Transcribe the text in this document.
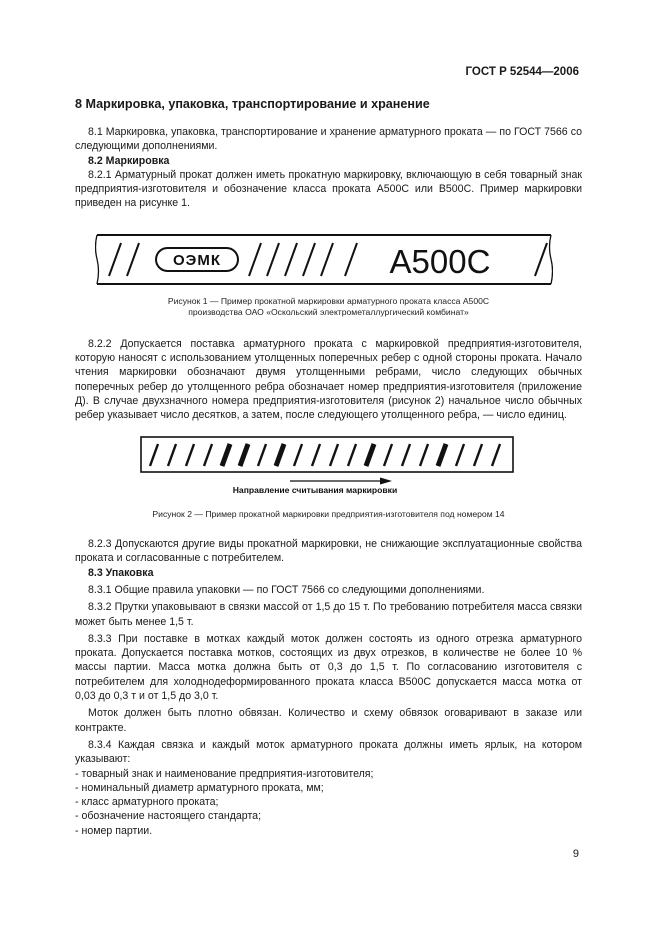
ГОСТ Р 52544—2006
8 Маркировка, упаковка, транспортирование и хранение

8.1 Маркировка, упаковка, транспортирование и хранение арматурного проката — по ГОСТ 7566 со следующими дополнениями.

8.2 Маркировка

8.2.1 Арматурный прокат должен иметь прокатную маркировку, включающую в себя товарный знак предприятия-изготовителя и обозначение класса проката А500С или В500С. Пример маркировки приведен на рисунке 1.

ОЭМК	А500С
Рисунок 1 — Пример прокатной маркировки арматурного проката класса А500С
производства ОАО «Оскольский электрометаллургический комбинат»

8.2.2 Допускается поставка арматурного проката с маркировкой предприятия-изготовителя, которую наносят с использованием утолщенных поперечных ребер с одной стороны проката. Начало чтения маркировки обозначают двумя утолщенными ребрами, число следующих обычных поперечных ребер до утолщенного ребра обозначает номер предприятия-изготовителя (приложение Д). В случае двухзначного номера предприятия-изготовителя (рисунок 2) начальное число обычных ребер указывает число десятков, а затем, после следующего утолщенного ребра, — число единиц.

Направление считывания маркировки
Рисунок 2 — Пример прокатной маркировки предприятия-изготовителя под номером 14

8.2.3 Допускаются другие виды прокатной маркировки, не снижающие эксплуатационные свойства проката и согласованные с потребителем.

8.3 Упаковка

8.3.1 Общие правила упаковки — по ГОСТ 7566 со следующими дополнениями.

8.3.2 Прутки упаковывают в связки массой от 1,5 до 15 т. По требованию потребителя масса связки может быть менее 1,5 т.

8.3.3 При поставке в мотках каждый моток должен состоять из одного отрезка арматурного проката. Допускается поставка мотков, состоящих из двух отрезков, в количестве не более 10 % массы партии. Масса мотка должна быть от 0,3 до 1,5 т. По согласованию изготовителя с потребителем для холоднодеформированного проката класса В500С допускается масса мотка от 0,03 до 0,3 т и от 1,5 до 3,0 т.

Моток должен быть плотно обвязан. Количество и схему обвязок оговаривают в заказе или контракте.

8.3.4 Каждая связка и каждый моток арматурного проката должны иметь ярлык, на котором указывают:

- товарный знак и наименование предприятия-изготовителя;
- номинальный диаметр арматурного проката, мм;
- класс арматурного проката;
- обозначение настоящего стандарта;
- номер партии.
9
